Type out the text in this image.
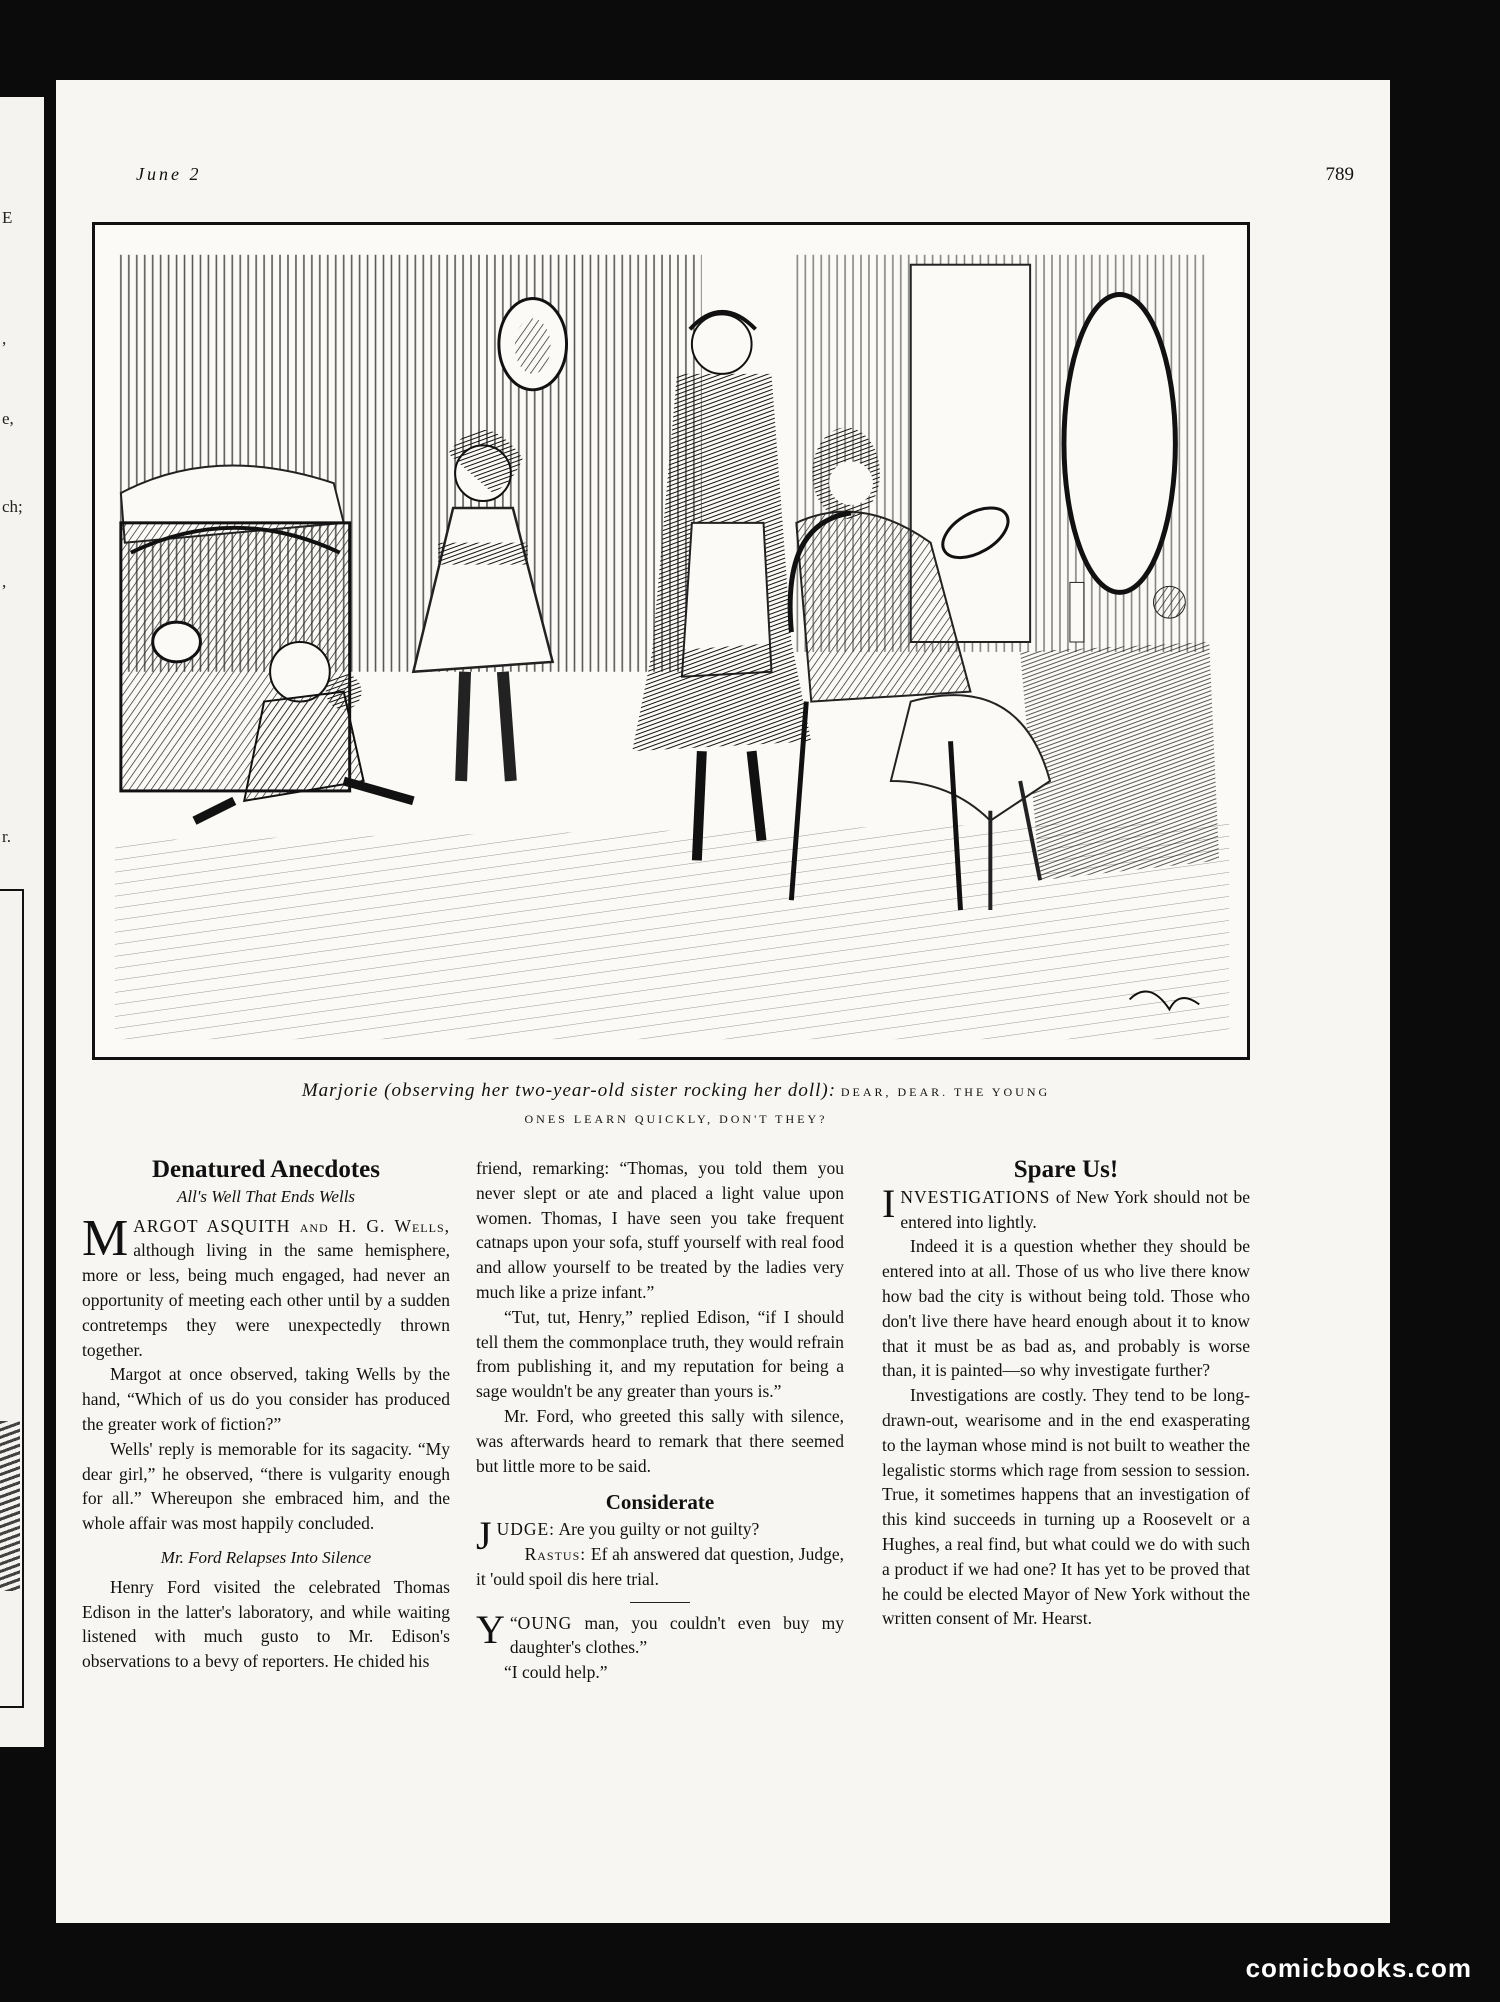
E
,
e,
ch;
,
r.
June 2	789
Marjorie (observing her two-year-old sister rocking her doll): DEAR, DEAR. THE YOUNG
ONES LEARN QUICKLY, DON'T THEY?
Denatured Anecdotes
All's Well That Ends Wells

MARGOT ASQUITH and H. G. Wells, although living in the same hemisphere, more or less, being much engaged, had never an opportunity of meeting each other until by a sudden contretemps they were unexpectedly thrown together.

Margot at once observed, taking Wells by the hand, “Which of us do you consider has produced the greater work of fiction?”

Wells' reply is memorable for its sagacity. “My dear girl,” he observed, “there is vulgarity enough for all.” Whereupon she embraced him, and the whole affair was most happily concluded.

Mr. Ford Relapses Into Silence

Henry Ford visited the celebrated Thomas Edison in the latter's laboratory, and while waiting listened with much gusto to Mr. Edison's observations to a bevy of reporters. He chided his

friend, remarking: “Thomas, you told them you never slept or ate and placed a light value upon women. Thomas, I have seen you take frequent catnaps upon your sofa, stuff yourself with real food and allow yourself to be treated by the ladies very much like a prize infant.”

“Tut, tut, Henry,” replied Edison, “if I should tell them the commonplace truth, they would refrain from publishing it, and my reputation for being a sage wouldn't be any greater than yours is.”

Mr. Ford, who greeted this sally with silence, was afterwards heard to remark that there seemed but little more to be said.

Considerate

JUDGE: Are you guilty or not guilty?

Rastus: Ef ah answered dat question, Judge, it 'ould spoil dis here trial.

“
Y OUNG man, you couldn't even buy my daughter's clothes.”

“I could help.”

Spare Us!

INVESTIGATIONS of New York should not be entered into lightly.

Indeed it is a question whether they should be entered into at all. Those of us who live there know how bad the city is without being told. Those who don't live there have heard enough about it to know that it must be as bad as, and probably is worse than, it is painted—so why investigate further?

Investigations are costly. They tend to be long-drawn-out, wearisome and in the end exasperating to the layman whose mind is not built to weather the legalistic storms which rage from session to session. True, it sometimes happens that an investigation of this kind succeeds in turning up a Roosevelt or a Hughes, a real find, but what could we do with such a product if we had one? It has yet to be proved that he could be elected Mayor of New York without the written consent of Mr. Hearst.

comicbooks.com
